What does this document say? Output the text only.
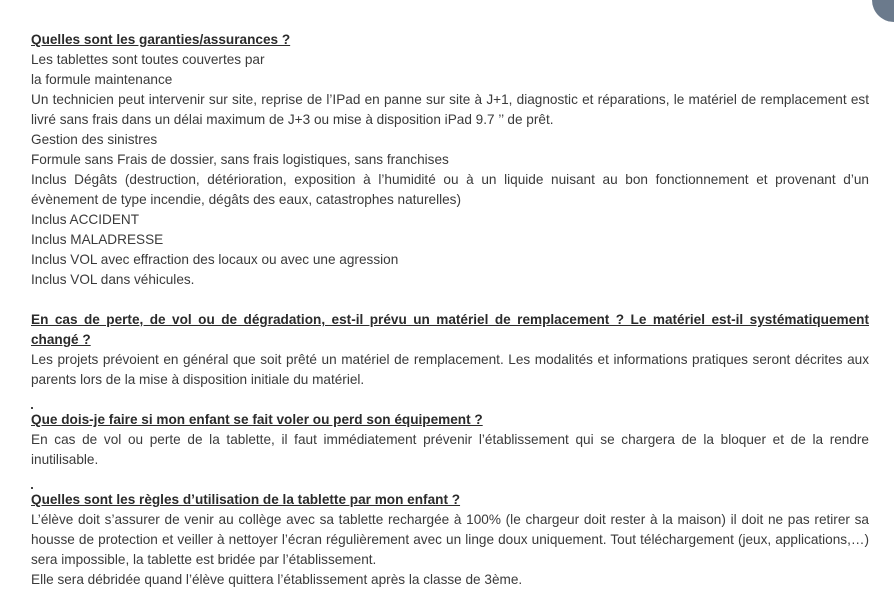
Quelles sont les garanties/assurances ?
Les tablettes sont toutes couvertes par
la formule maintenance
Un technicien peut intervenir sur site, reprise de l’IPad en panne sur site à J+1, diagnostic et réparations, le matériel de remplacement est livré sans frais dans un délai maximum de J+3 ou mise à disposition iPad 9.7 ’’ de prêt.
Gestion des sinistres
Formule sans Frais de dossier, sans frais logistiques, sans franchises
Inclus Dégâts (destruction, détérioration, exposition à l’humidité ou à un liquide nuisant au bon fonctionnement et provenant d’un évènement de type incendie, dégâts des eaux, catastrophes naturelles)
Inclus ACCIDENT
Inclus MALADRESSE
Inclus VOL avec effraction des locaux ou avec une agression
Inclus VOL dans véhicules.
En cas de perte, de vol ou de dégradation, est-il prévu un matériel de remplacement ? Le matériel est-il systématiquement changé ?
Les projets prévoient en général que soit prêté un matériel de remplacement. Les modalités et informations pratiques seront décrites aux parents lors de la mise à disposition initiale du matériel.
Que dois-je faire si mon enfant se fait voler ou perd son équipement ?
En cas de vol ou perte de la tablette, il faut immédiatement prévenir l’établissement qui se chargera de la bloquer et de la rendre inutilisable.
Quelles sont les règles d’utilisation de la tablette par mon enfant ?
L’élève doit s’assurer de venir au collège avec sa tablette rechargée à 100% (le chargeur doit rester à la maison) il doit ne pas retirer sa housse de protection et veiller à nettoyer l’écran régulièrement avec un linge doux uniquement. Tout téléchargement (jeux, applications,…) sera impossible, la tablette est bridée par l’établissement.
Elle sera débridée quand l’élève quittera l’établissement après la classe de 3ème.
